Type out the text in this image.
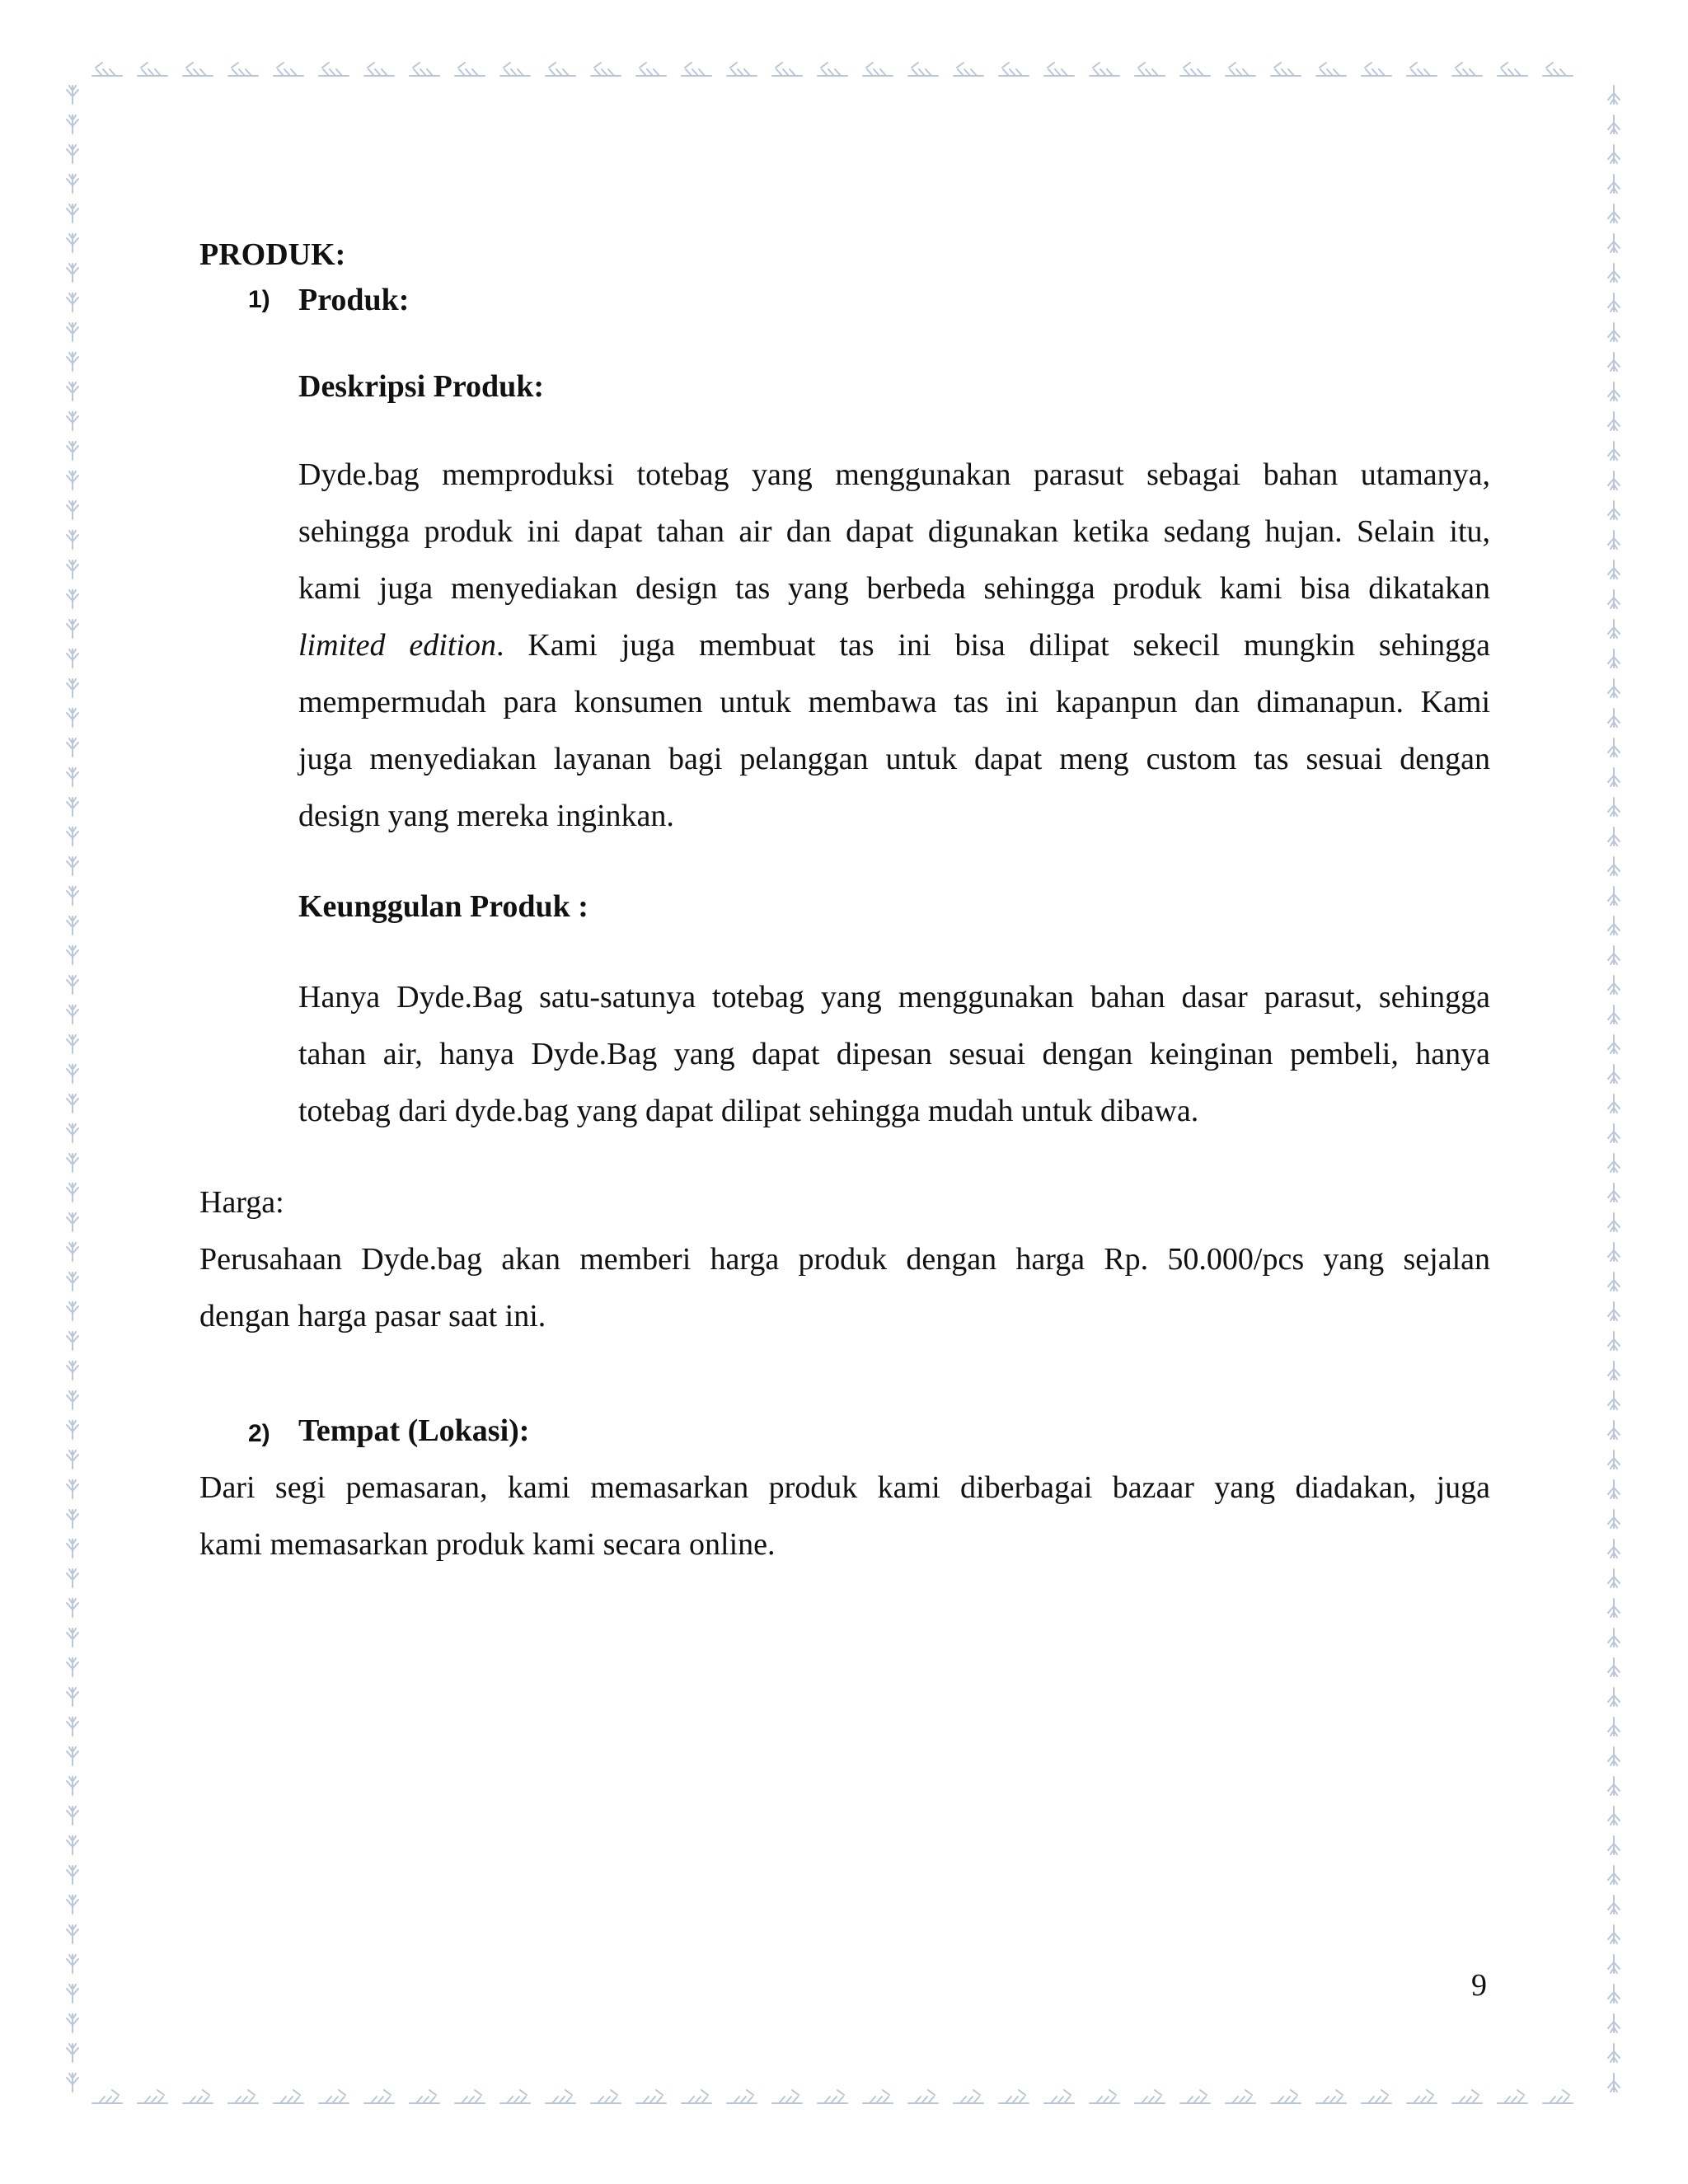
PRODUK:
1) Produk:
Deskripsi Produk:
Dyde.bag memproduksi totebag yang menggunakan parasut sebagai bahan utamanya,
sehingga produk ini dapat tahan air dan dapat digunakan ketika sedang hujan. Selain itu,
kami juga menyediakan design tas yang berbeda sehingga produk kami bisa dikatakan
limited edition. Kami juga membuat tas ini bisa dilipat sekecil mungkin sehingga
mempermudah para konsumen untuk membawa tas ini kapanpun dan dimanapun. Kami
juga menyediakan layanan bagi pelanggan untuk dapat meng custom tas sesuai dengan
design yang mereka inginkan.
Keunggulan Produk :
Hanya Dyde.Bag satu-satunya totebag yang menggunakan bahan dasar parasut, sehingga
tahan air, hanya Dyde.Bag yang dapat dipesan sesuai dengan keinginan pembeli, hanya
totebag dari dyde.bag yang dapat dilipat sehingga mudah untuk dibawa.
Harga:
Perusahaan Dyde.bag akan memberi harga produk dengan harga Rp. 50.000/pcs yang sejalan
dengan harga pasar saat ini.
2) Tempat (Lokasi):
Dari segi pemasaran, kami memasarkan produk kami diberbagai bazaar yang diadakan, juga
kami memasarkan produk kami secara online.
9
